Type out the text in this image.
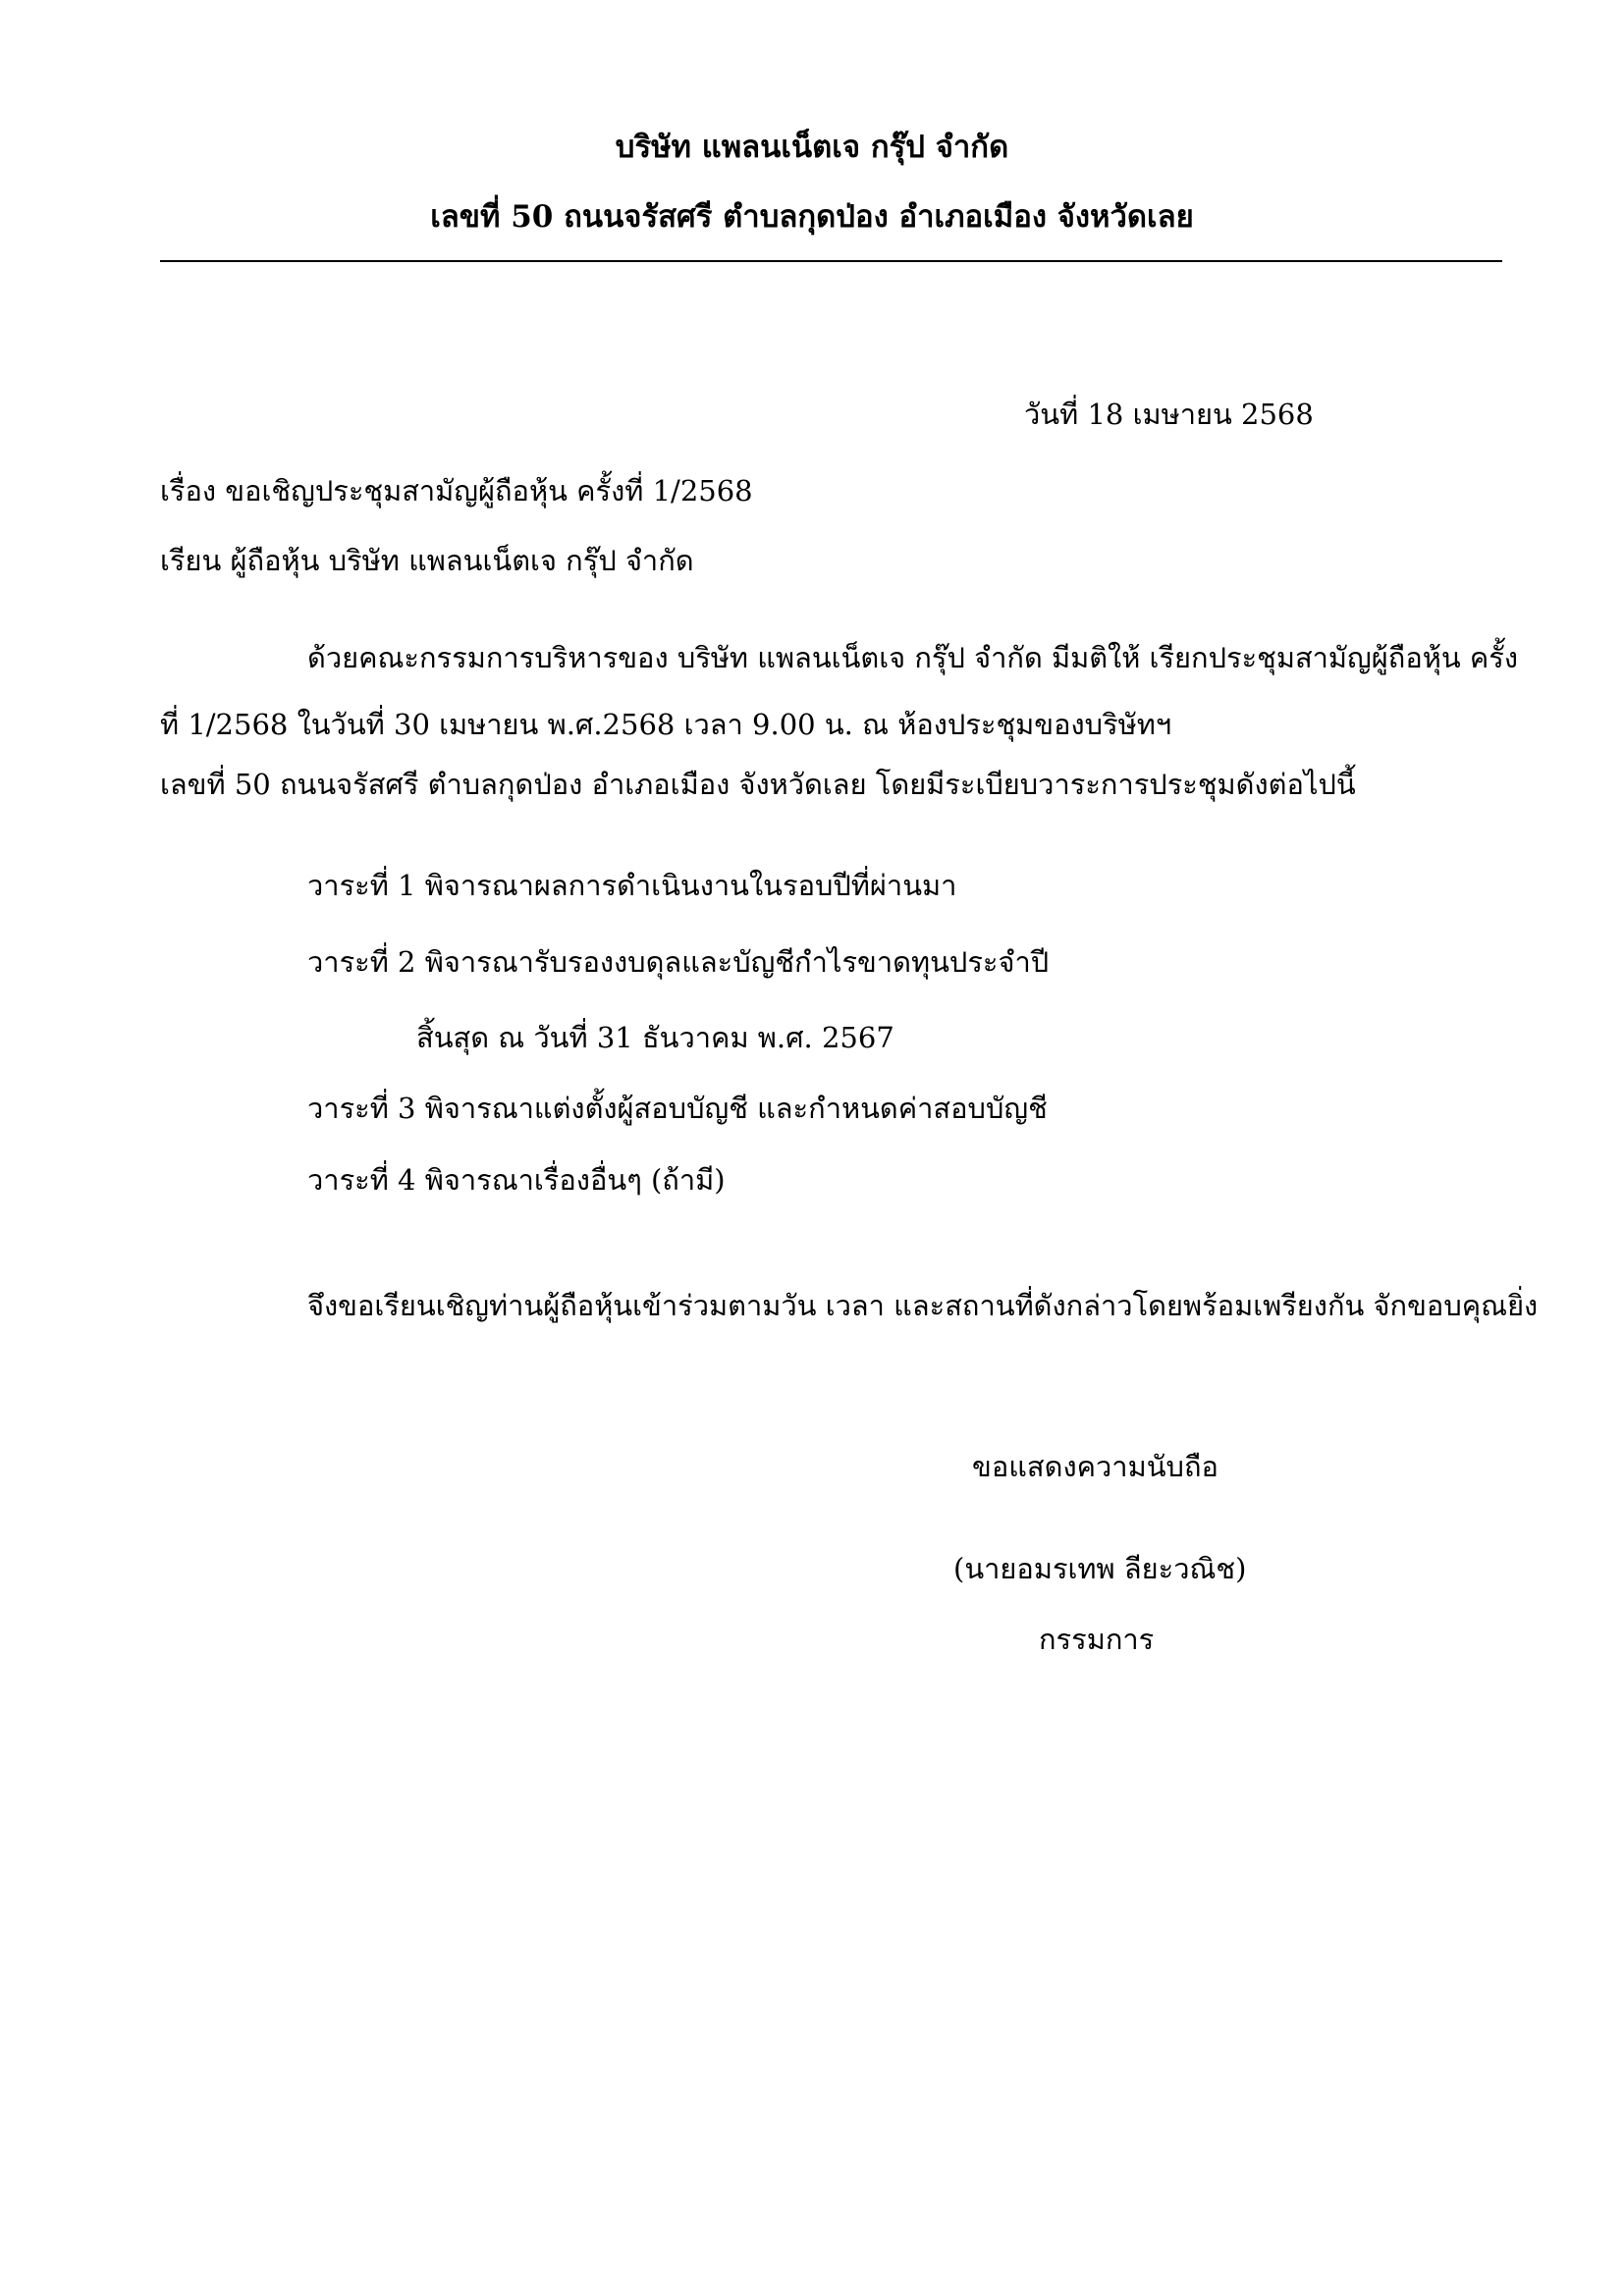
บริษัท แพลนเน็ตเจ กรุ๊ป จำกัด
เลขที่ 50 ถนนจรัสศรี ตำบลกุดป่อง อำเภอเมือง จังหวัดเลย
วันที่ 18 เมษายน 2568
เรื่อง ขอเชิญประชุมสามัญผู้ถือหุ้น ครั้งที่ 1/2568
เรียน ผู้ถือหุ้น บริษัท แพลนเน็ตเจ กรุ๊ป จำกัด
ด้วยคณะกรรมการบริหารของ บริษัท แพลนเน็ตเจ กรุ๊ป จำกัด มีมติให้ เรียกประชุมสามัญผู้ถือหุ้น ครั้ง
ที่ 1/2568 ในวันที่ 30 เมษายน พ.ศ.2568 เวลา 9.00 น. ณ ห้องประชุมของบริษัทฯ
เลขที่ 50 ถนนจรัสศรี ตำบลกุดป่อง อำเภอเมือง จังหวัดเลย โดยมีระเบียบวาระการประชุมดังต่อไปนี้
วาระที่ 1 พิจารณาผลการดำเนินงานในรอบปีที่ผ่านมา
วาระที่ 2 พิจารณารับรองงบดุลและบัญชีกำไรขาดทุนประจำปี
สิ้นสุด ณ วันที่ 31 ธันวาคม พ.ศ. 2567
วาระที่ 3 พิจารณาแต่งตั้งผู้สอบบัญชี และกำหนดค่าสอบบัญชี
วาระที่ 4 พิจารณาเรื่องอื่นๆ (ถ้ามี)
จึงขอเรียนเชิญท่านผู้ถือหุ้นเข้าร่วมตามวัน เวลา และสถานที่ดังกล่าวโดยพร้อมเพรียงกัน จักขอบคุณยิ่ง
ขอแสดงความนับถือ
(นายอมรเทพ ลียะวณิช)
กรรมการ
